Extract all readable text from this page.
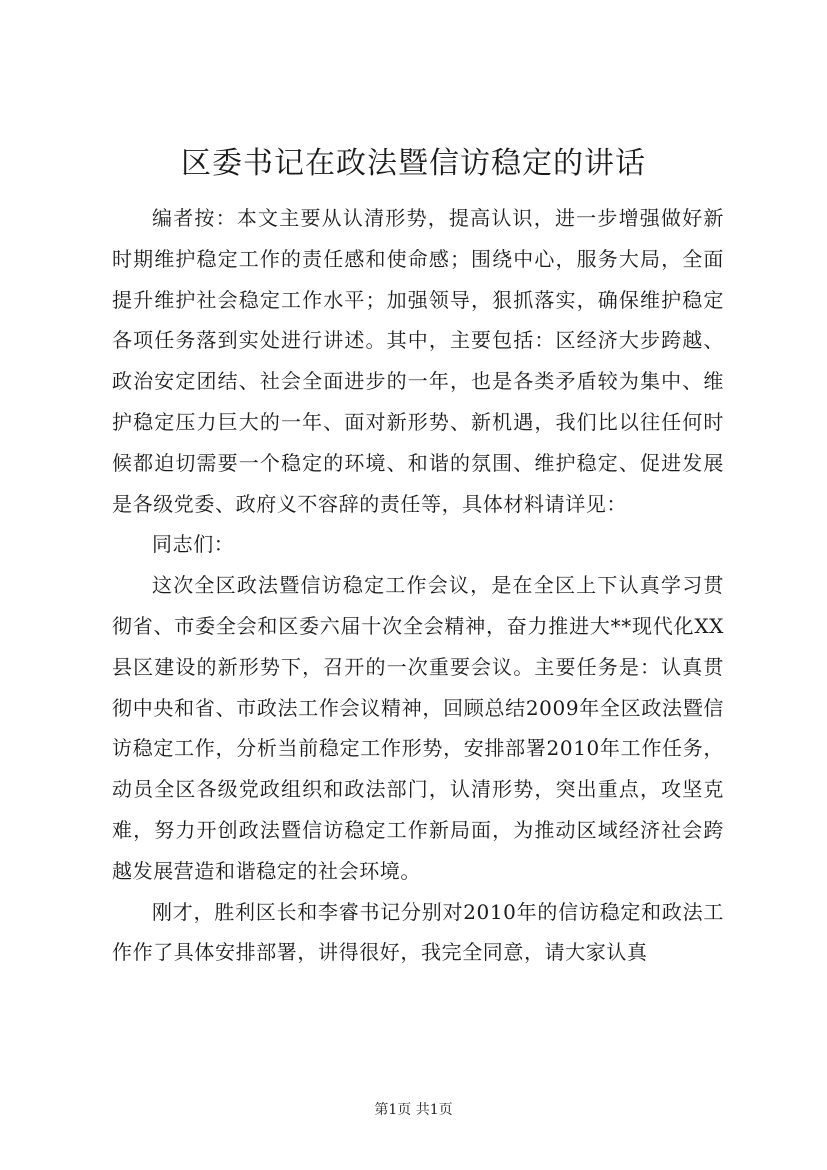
区委书记在政法暨信访稳定的讲话

编者按：本文主要从认清形势，提高认识，进一步增强做好新时期维护稳定工作的责任感和使命感；围绕中心，服务大局，全面提升维护社会稳定工作水平；加强领导，狠抓落实，确保维护稳定各项任务落到实处进行讲述。其中，主要包括：区经济大步跨越、政治安定团结、社会全面进步的一年，也是各类矛盾较为集中、维护稳定压力巨大的一年、面对新形势、新机遇，我们比以往任何时候都迫切需要一个稳定的环境、和谐的氛围、维护稳定、促进发展是各级党委、政府义不容辞的责任等，具体材料请详见：

同志们：

这次全区政法暨信访稳定工作会议，是在全区上下认真学习贯彻省、市委全会和区委六届十次全会精神，奋力推进大**现代化XX县区建设的新形势下，召开的一次重要会议。主要任务是：认真贯彻中央和省、市政法工作会议精神，回顾总结2009年全区政法暨信访稳定工作，分析当前稳定工作形势，安排部署2010年工作任务，动员全区各级党政组织和政法部门，认清形势，突出重点，攻坚克难，努力开创政法暨信访稳定工作新局面，为推动区域经济社会跨越发展营造和谐稳定的社会环境。

刚才，胜利区长和李睿书记分别对2010年的信访稳定和政法工作作了具体安排部署，讲得很好，我完全同意，请大家认真

第1页 共1页
